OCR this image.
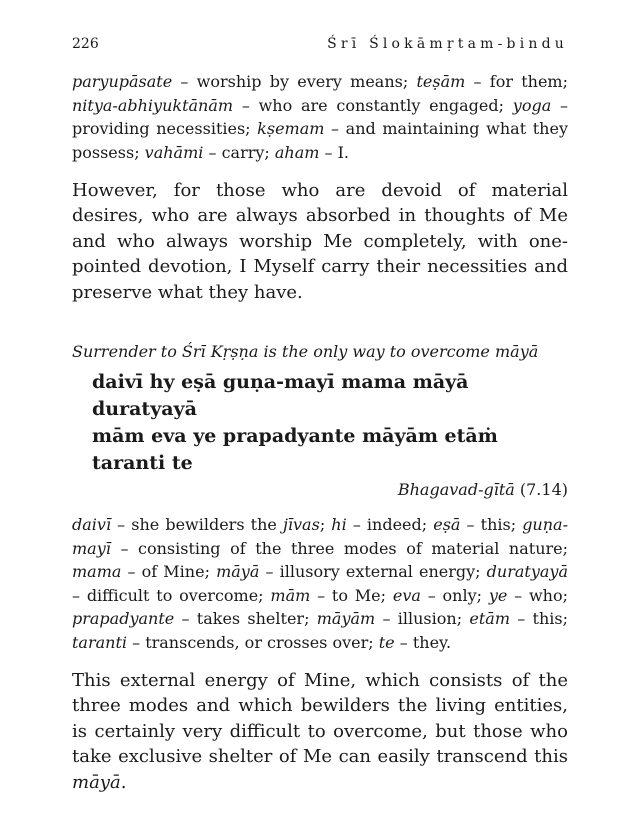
226	Śrī Ślokāmṛtam-bindu

paryupāsate – worship by every means; teṣām – for them; nitya-abhiyuktānām – who are constantly engaged; yoga – providing necessities; kṣemam – and maintaining what they possess; vahāmi – carry; aham – I.

However, for those who are devoid of material desires, who are always absorbed in thoughts of Me and who always worship Me completely, with one-pointed devotion, I Myself carry their necessities and preserve what they have.

Surrender to Śrī Kṛṣṇa is the only way to overcome māyā

daivī hy eṣā guṇa-mayī mama māyā duratyayā
mām eva ye prapadyante māyām etāṁ taranti te
Bhagavad-gītā (7.14)

daivī – she bewilders the jīvas; hi – indeed; eṣā – this; guṇa-mayī – consisting of the three modes of material nature; mama – of Mine; māyā – illusory external energy; duratyayā – difficult to overcome; mām – to Me; eva – only; ye – who; prapadyante – takes shelter; māyām – illusion; etām – this; taranti – transcends, or crosses over; te – they.

This external energy of Mine, which consists of the three modes and which bewilders the living entities, is certainly very difficult to overcome, but those who take exclusive shelter of Me can easily transcend this māyā.
